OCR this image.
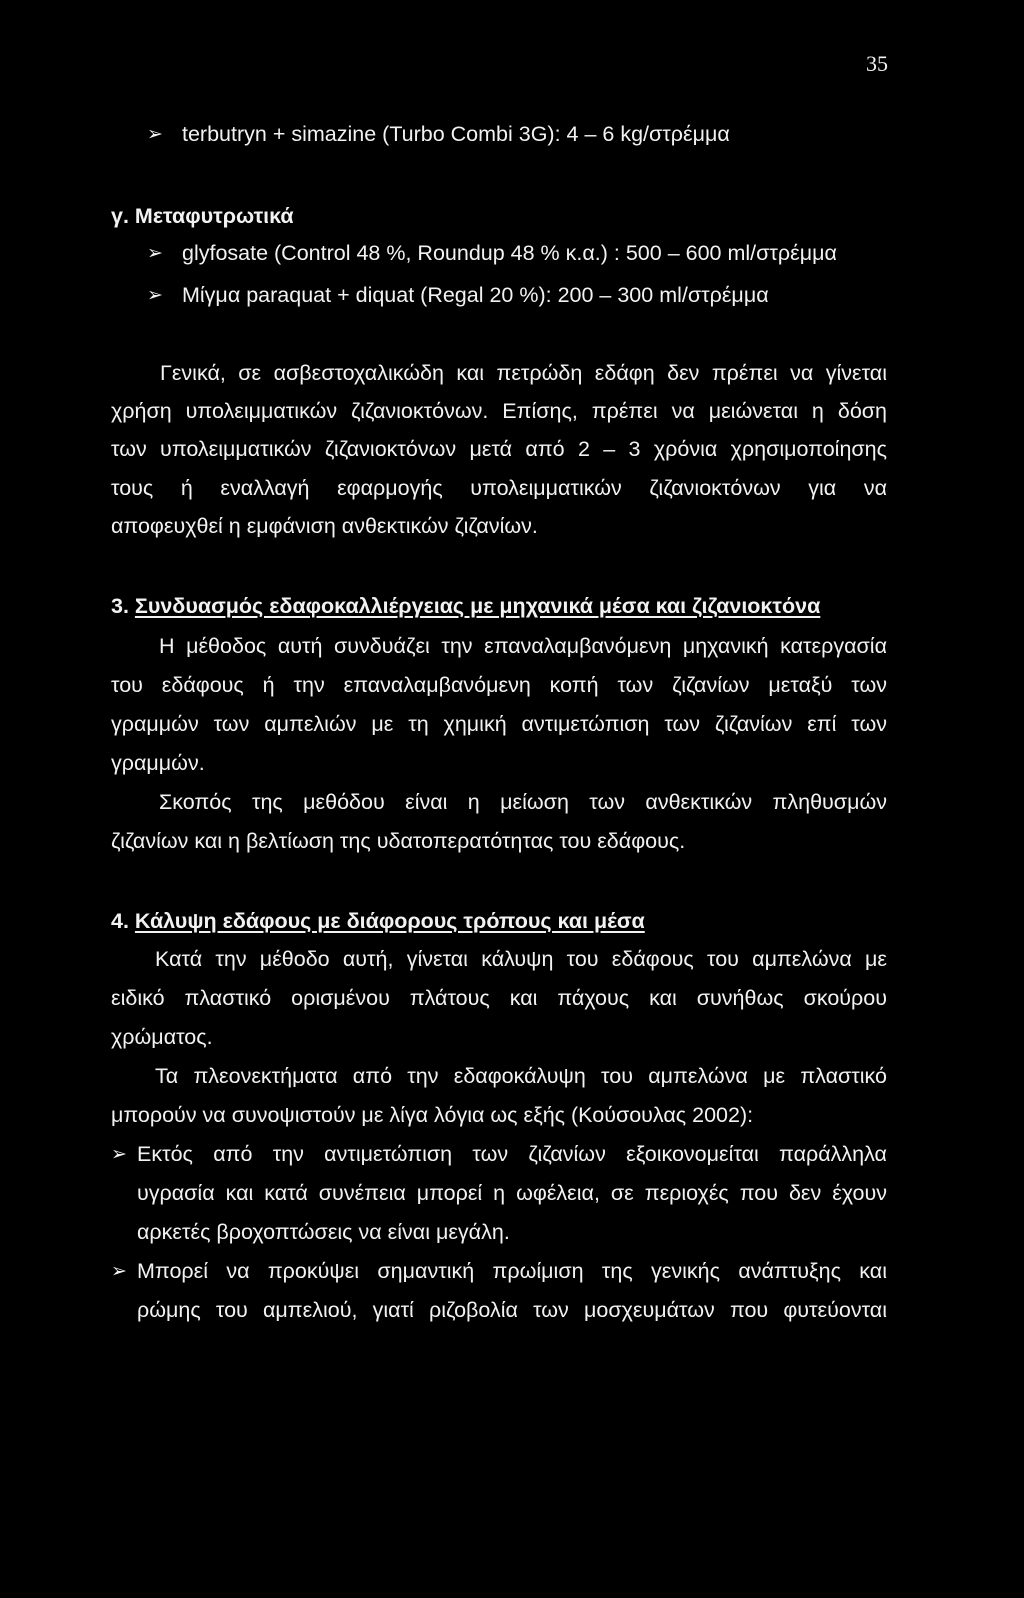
35
➢ terbutryn + simazine (Turbo Combi 3G): 4 – 6 kg/στρέμμα
γ. Μεταφυτρωτικά
➢ glyfosate (Control 48 %, Roundup 48 % κ.α.) : 500 – 600 ml/στρέμμα
➢ Μίγμα paraquat + diquat (Regal 20 %): 200 – 300 ml/στρέμμα
Γενικά, σε ασβεστοχαλικώδη και πετρώδη εδάφη δεν πρέπει να γίνεται
χρήση υπολειμματικών ζιζανιοκτόνων. Επίσης, πρέπει να μειώνεται η δόση
των υπολειμματικών ζιζανιοκτόνων μετά από 2 – 3 χρόνια χρησιμοποίησης
τους ή εναλλαγή εφαρμογής υπολειμματικών ζιζανιοκτόνων για να
αποφευχθεί η εμφάνιση ανθεκτικών ζιζανίων.
3. Συνδυασμός εδαφοκαλλιέργειας με μηχανικά μέσα και ζιζανιοκτόνα
Η μέθοδος αυτή συνδυάζει την επαναλαμβανόμενη μηχανική κατεργασία
του εδάφους ή την επαναλαμβανόμενη κοπή των ζιζανίων μεταξύ των
γραμμών των αμπελιών με τη χημική αντιμετώπιση των ζιζανίων επί των
γραμμών.
Σκοπός της μεθόδου είναι η μείωση των ανθεκτικών πληθυσμών
ζιζανίων και η βελτίωση της υδατοπερατότητας του εδάφους.
4. Κάλυψη εδάφους με διάφορους τρόπους και μέσα
Κατά την μέθοδο αυτή, γίνεται κάλυψη του εδάφους του αμπελώνα με
ειδικό πλαστικό ορισμένου πλάτους και πάχους και συνήθως σκούρου
χρώματος.
Τα πλεονεκτήματα από την εδαφοκάλυψη του αμπελώνα με πλαστικό
μπορούν να συνοψιστούν με λίγα λόγια ως εξής (Κούσουλας 2002):
➢ Εκτός από την αντιμετώπιση των ζιζανίων εξοικονομείται παράλληλα
υγρασία και κατά συνέπεια μπορεί η ωφέλεια, σε περιοχές που δεν έχουν
αρκετές βροχοπτώσεις να είναι μεγάλη.
➢ Μπορεί να προκύψει σημαντική πρωίμιση της γενικής ανάπτυξης και
ρώμης του αμπελιού, γιατί ριζοβολία των μοσχευμάτων που φυτεύονται
